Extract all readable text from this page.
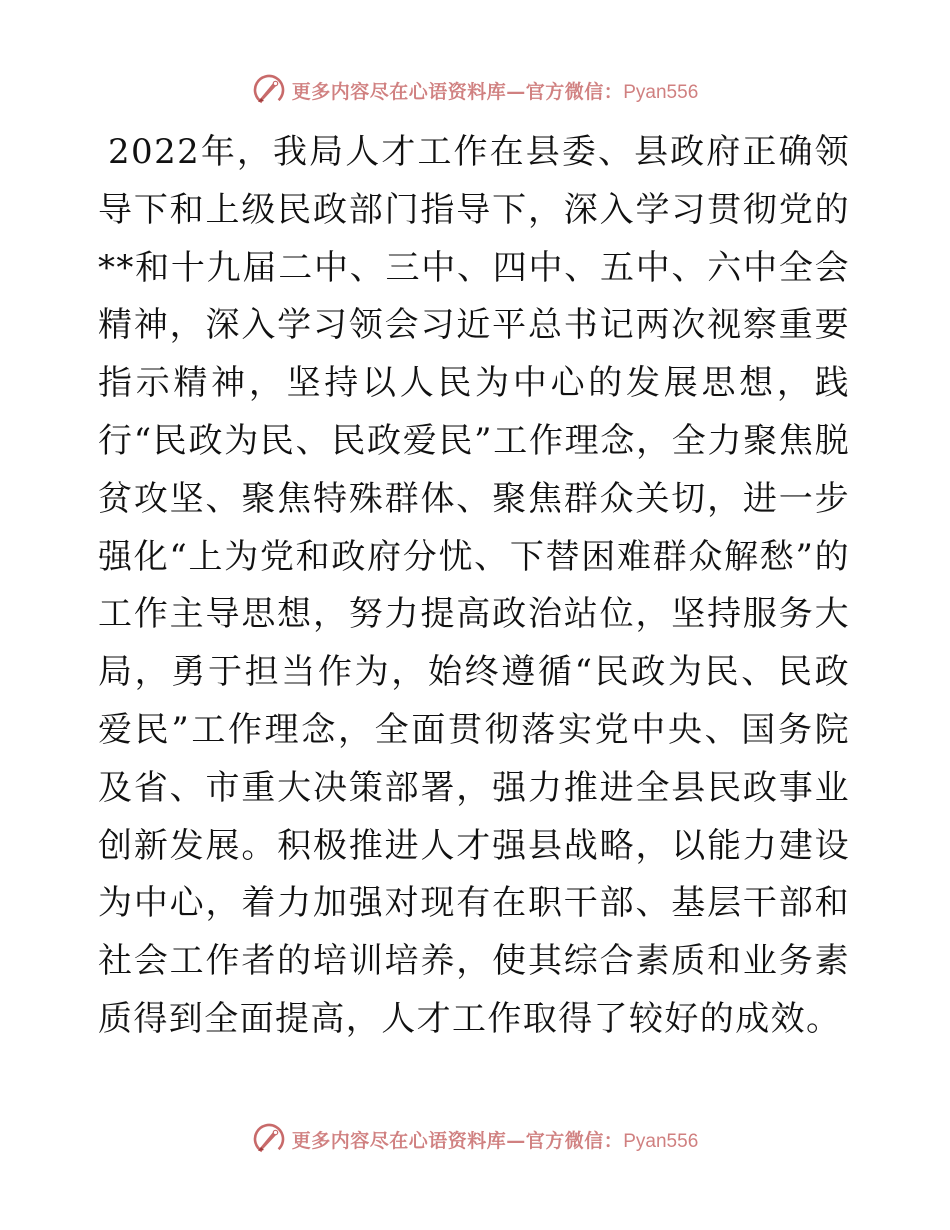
更多内容尽在心语资料库—官方微信：Pyan556

2022年，我局人才工作在县委、县政府正确领导下和上级民政部门指导下，深入学习贯彻党的**和十九届二中、三中、四中、五中、六中全会精神，深入学习领会习近平总书记两次视察重要指示精神，坚持以人民为中心的发展思想，践行“民政为民、民政爱民”工作理念，全力聚焦脱贫攻坚、聚焦特殊群体、聚焦群众关切，进一步强化“上为党和政府分忧、下替困难群众解愁”的工作主导思想，努力提高政治站位，坚持服务大局，勇于担当作为，始终遵循“民政为民、民政爱民”工作理念，全面贯彻落实党中央、国务院及省、市重大决策部署，强力推进全县民政事业创新发展。积极推进人才强县战略，以能力建设为中心，着力加强对现有在职干部、基层干部和社会工作者的培训培养，使其综合素质和业务素质得到全面提高，人才工作取得了较好的成效。

更多内容尽在心语资料库—官方微信：Pyan556
